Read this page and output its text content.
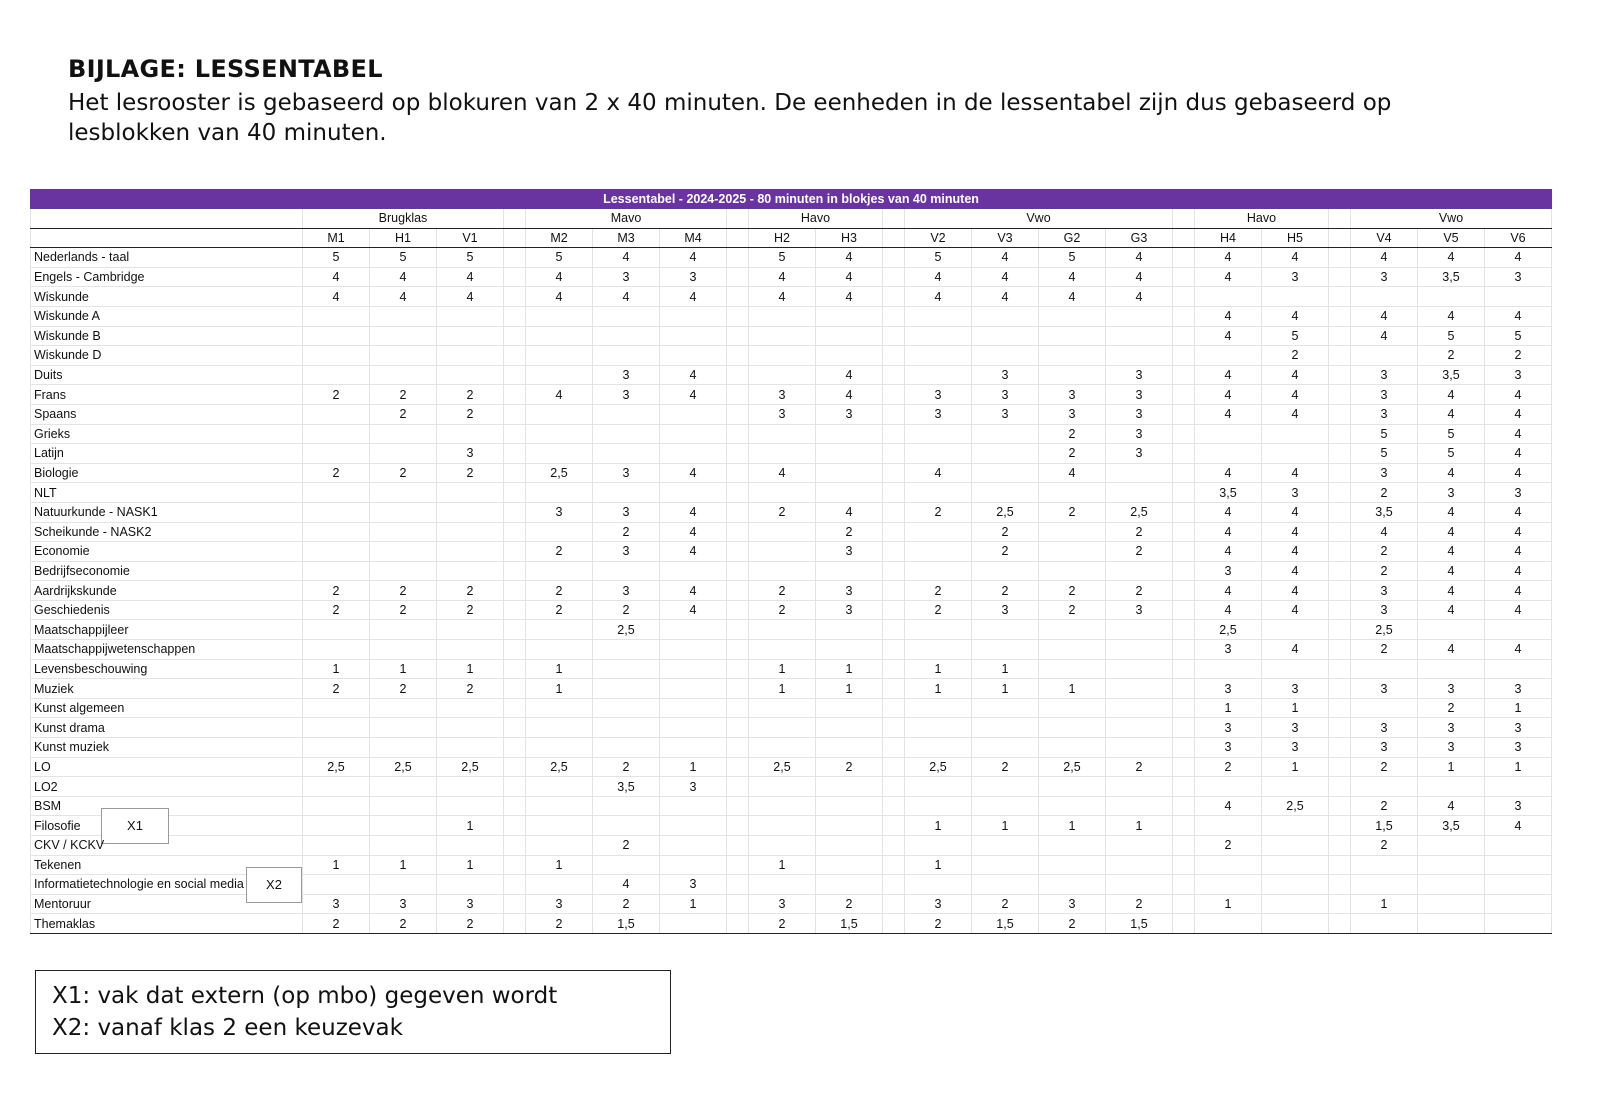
BIJLAGE: LESSENTABEL
Het lesrooster is gebaseerd op blokuren van 2 x 40 minuten. De eenheden in de lessentabel zijn dus gebaseerd op lesblokken van 40 minuten.
Lessentabel - 2024-2025 - 80 minuten in blokjes van 40 minuten																						
	Brugklas				Mavo				Havo			Vwo					Havo			Vwo		
	M1	H1	V1		M2	M3	M4		H2	H3		V2	V3	G2	G3		H4	H5		V4	V5	V6
Nederlands - taal	5	5	5		5	4	4		5	4		5	4	5	4		4	4		4	4	4
Engels - Cambridge	4	4	4		4	3	3		4	4		4	4	4	4		4	3		3	3,5	3
Wiskunde	4	4	4		4	4	4		4	4		4	4	4	4							
Wiskunde A																	4	4		4	4	4
Wiskunde B																	4	5		4	5	5
Wiskunde D																		2			2	2
Duits						3	4			4			3		3		4	4		3	3,5	3
Frans	2	2	2		4	3	4		3	4		3	3	3	3		4	4		3	4	4
Spaans		2	2						3	3		3	3	3	3		4	4		3	4	4
Grieks														2	3					5	5	4
Latijn			3											2	3					5	5	4
Biologie	2	2	2		2,5	3	4		4			4		4			4	4		3	4	4
NLT																	3,5	3		2	3	3
Natuurkunde - NASK1					3	3	4		2	4		2	2,5	2	2,5		4	4		3,5	4	4
Scheikunde - NASK2						2	4			2			2		2		4	4		4	4	4
Economie					2	3	4			3			2		2		4	4		2	4	4
Bedrijfseconomie																	3	4		2	4	4
Aardrijkskunde	2	2	2		2	3	4		2	3		2	2	2	2		4	4		3	4	4
Geschiedenis	2	2	2		2	2	4		2	3		2	3	2	3		4	4		3	4	4
Maatschappijleer						2,5											2,5			2,5		
Maatschappijwetenschappen																	3	4		2	4	4
Levensbeschouwing	1	1	1		1				1	1		1	1									
Muziek	2	2	2		1				1	1		1	1	1			3	3		3	3	3
Kunst algemeen																	1	1			2	1
Kunst drama																	3	3		3	3	3
Kunst muziek																	3	3		3	3	3
LO	2,5	2,5	2,5		2,5	2	1		2,5	2		2,5	2	2,5	2		2	1		2	1	1
LO2						3,5	3															
BSM																	4	2,5		2	4	3
Filosofie X1			1									1	1	1	1					1,5	3,5	4
CKV / KCKV						2											2			2		
Tekenen	1	1	1		1				1			1										
Informatietechnologie en social media X2						4	3															
Mentoruur	3	3	3		3	2	1		3	2		3	2	3	2		1			1		
Themaklas	2	2	2		2	1,5			2	1,5		2	1,5	2	1,5							
X1: vak dat extern (op mbo) gegeven wordt
X2: vanaf klas 2 een keuzevak
